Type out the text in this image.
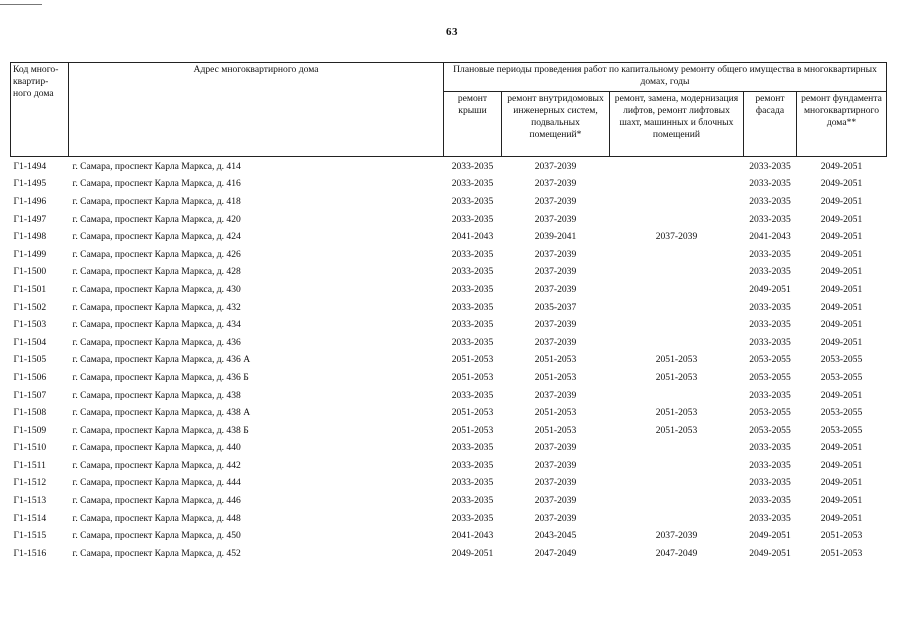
63
Код много-квартир-ного дома	Адрес многоквартирного дома	Плановые периоды проведения работ по капитальному ремонту общего имущества в многоквартирных домах, годы				
		ремонт крыши	ремонт внутридомовых инженерных систем, подвальных помещений*	ремонт, замена, модернизация лифтов, ремонт лифтовых шахт, машинных и блочных помещений	ремонт фасада	ремонт фундамента многоквартирного дома**
Г1-1494	г. Самара, проспект Карла Маркса, д. 414	2033-2035	2037-2039		2033-2035	2049-2051
Г1-1495	г. Самара, проспект Карла Маркса, д. 416	2033-2035	2037-2039		2033-2035	2049-2051
Г1-1496	г. Самара, проспект Карла Маркса, д. 418	2033-2035	2037-2039		2033-2035	2049-2051
Г1-1497	г. Самара, проспект Карла Маркса, д. 420	2033-2035	2037-2039		2033-2035	2049-2051
Г1-1498	г. Самара, проспект Карла Маркса, д. 424	2041-2043	2039-2041	2037-2039	2041-2043	2049-2051
Г1-1499	г. Самара, проспект Карла Маркса, д. 426	2033-2035	2037-2039		2033-2035	2049-2051
Г1-1500	г. Самара, проспект Карла Маркса, д. 428	2033-2035	2037-2039		2033-2035	2049-2051
Г1-1501	г. Самара, проспект Карла Маркса, д. 430	2033-2035	2037-2039		2049-2051	2049-2051
Г1-1502	г. Самара, проспект Карла Маркса, д. 432	2033-2035	2035-2037		2033-2035	2049-2051
Г1-1503	г. Самара, проспект Карла Маркса, д. 434	2033-2035	2037-2039		2033-2035	2049-2051
Г1-1504	г. Самара, проспект Карла Маркса, д. 436	2033-2035	2037-2039		2033-2035	2049-2051
Г1-1505	г. Самара, проспект Карла Маркса, д. 436 А	2051-2053	2051-2053	2051-2053	2053-2055	2053-2055
Г1-1506	г. Самара, проспект Карла Маркса, д. 436 Б	2051-2053	2051-2053	2051-2053	2053-2055	2053-2055
Г1-1507	г. Самара, проспект Карла Маркса, д. 438	2033-2035	2037-2039		2033-2035	2049-2051
Г1-1508	г. Самара, проспект Карла Маркса, д. 438 А	2051-2053	2051-2053	2051-2053	2053-2055	2053-2055
Г1-1509	г. Самара, проспект Карла Маркса, д. 438 Б	2051-2053	2051-2053	2051-2053	2053-2055	2053-2055
Г1-1510	г. Самара, проспект Карла Маркса, д. 440	2033-2035	2037-2039		2033-2035	2049-2051
Г1-1511	г. Самара, проспект Карла Маркса, д. 442	2033-2035	2037-2039		2033-2035	2049-2051
Г1-1512	г. Самара, проспект Карла Маркса, д. 444	2033-2035	2037-2039		2033-2035	2049-2051
Г1-1513	г. Самара, проспект Карла Маркса, д. 446	2033-2035	2037-2039		2033-2035	2049-2051
Г1-1514	г. Самара, проспект Карла Маркса, д. 448	2033-2035	2037-2039		2033-2035	2049-2051
Г1-1515	г. Самара, проспект Карла Маркса, д. 450	2041-2043	2043-2045	2037-2039	2049-2051	2051-2053
Г1-1516	г. Самара, проспект Карла Маркса, д. 452	2049-2051	2047-2049	2047-2049	2049-2051	2051-2053
